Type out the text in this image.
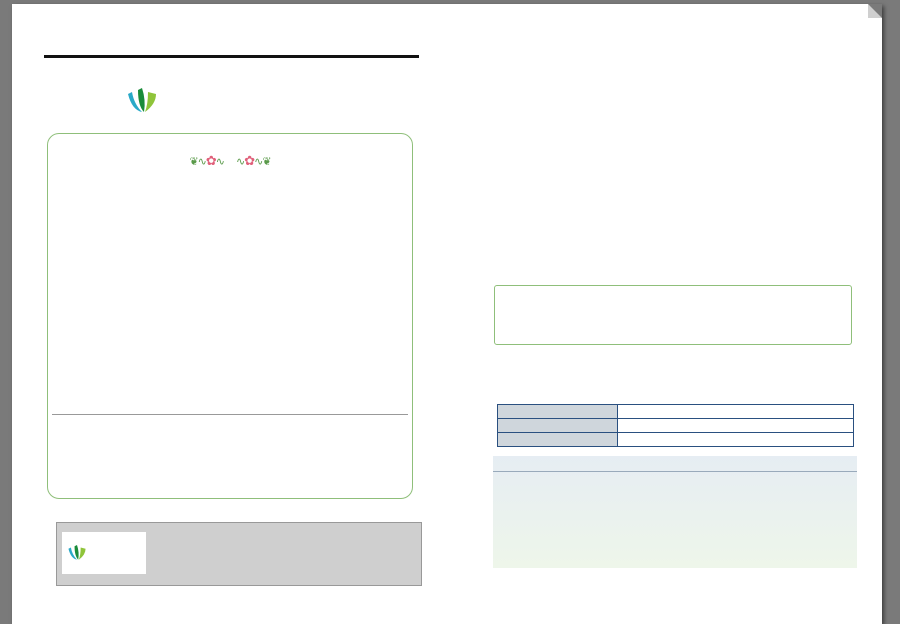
❦∿✿∿ ∿✿∿❦
